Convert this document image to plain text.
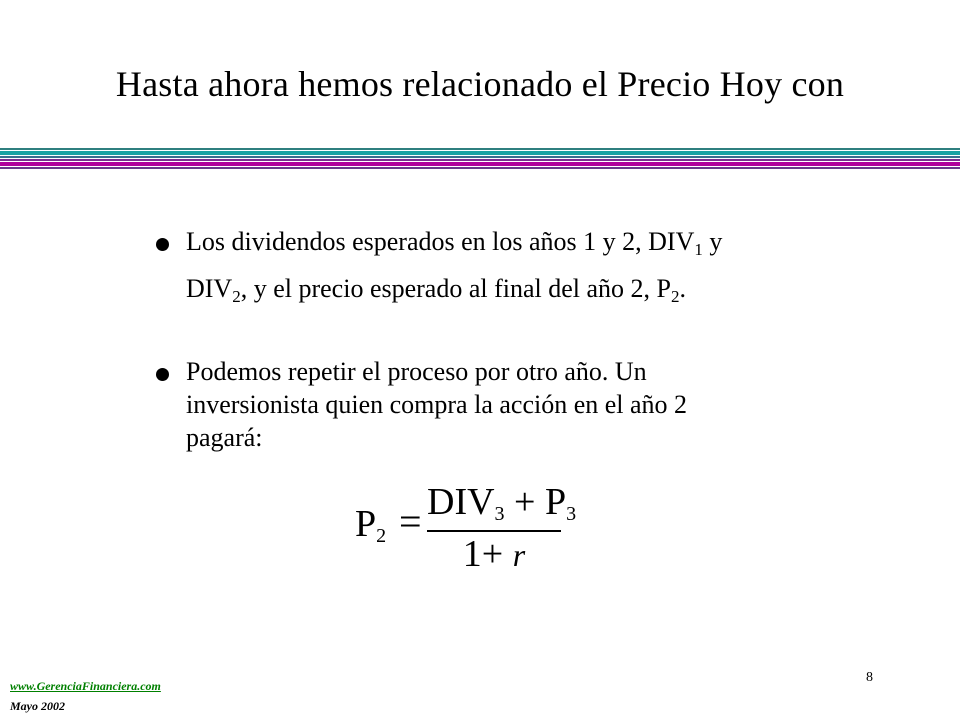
Hasta ahora hemos relacionado el Precio Hoy con
Los dividendos esperados en los años 1 y 2, $DIV_1$ y
$DIV_2$, y el precio esperado al final del año 2, $P_2$.
Podemos repetir el proceso por otro año. Un
inversionista quien compra la acción en el año 2
pagará:
$P_2 = DIV_3 + P_3$
1+ r
8
www.GerenciaFinanciera.com
Mayo 2002
